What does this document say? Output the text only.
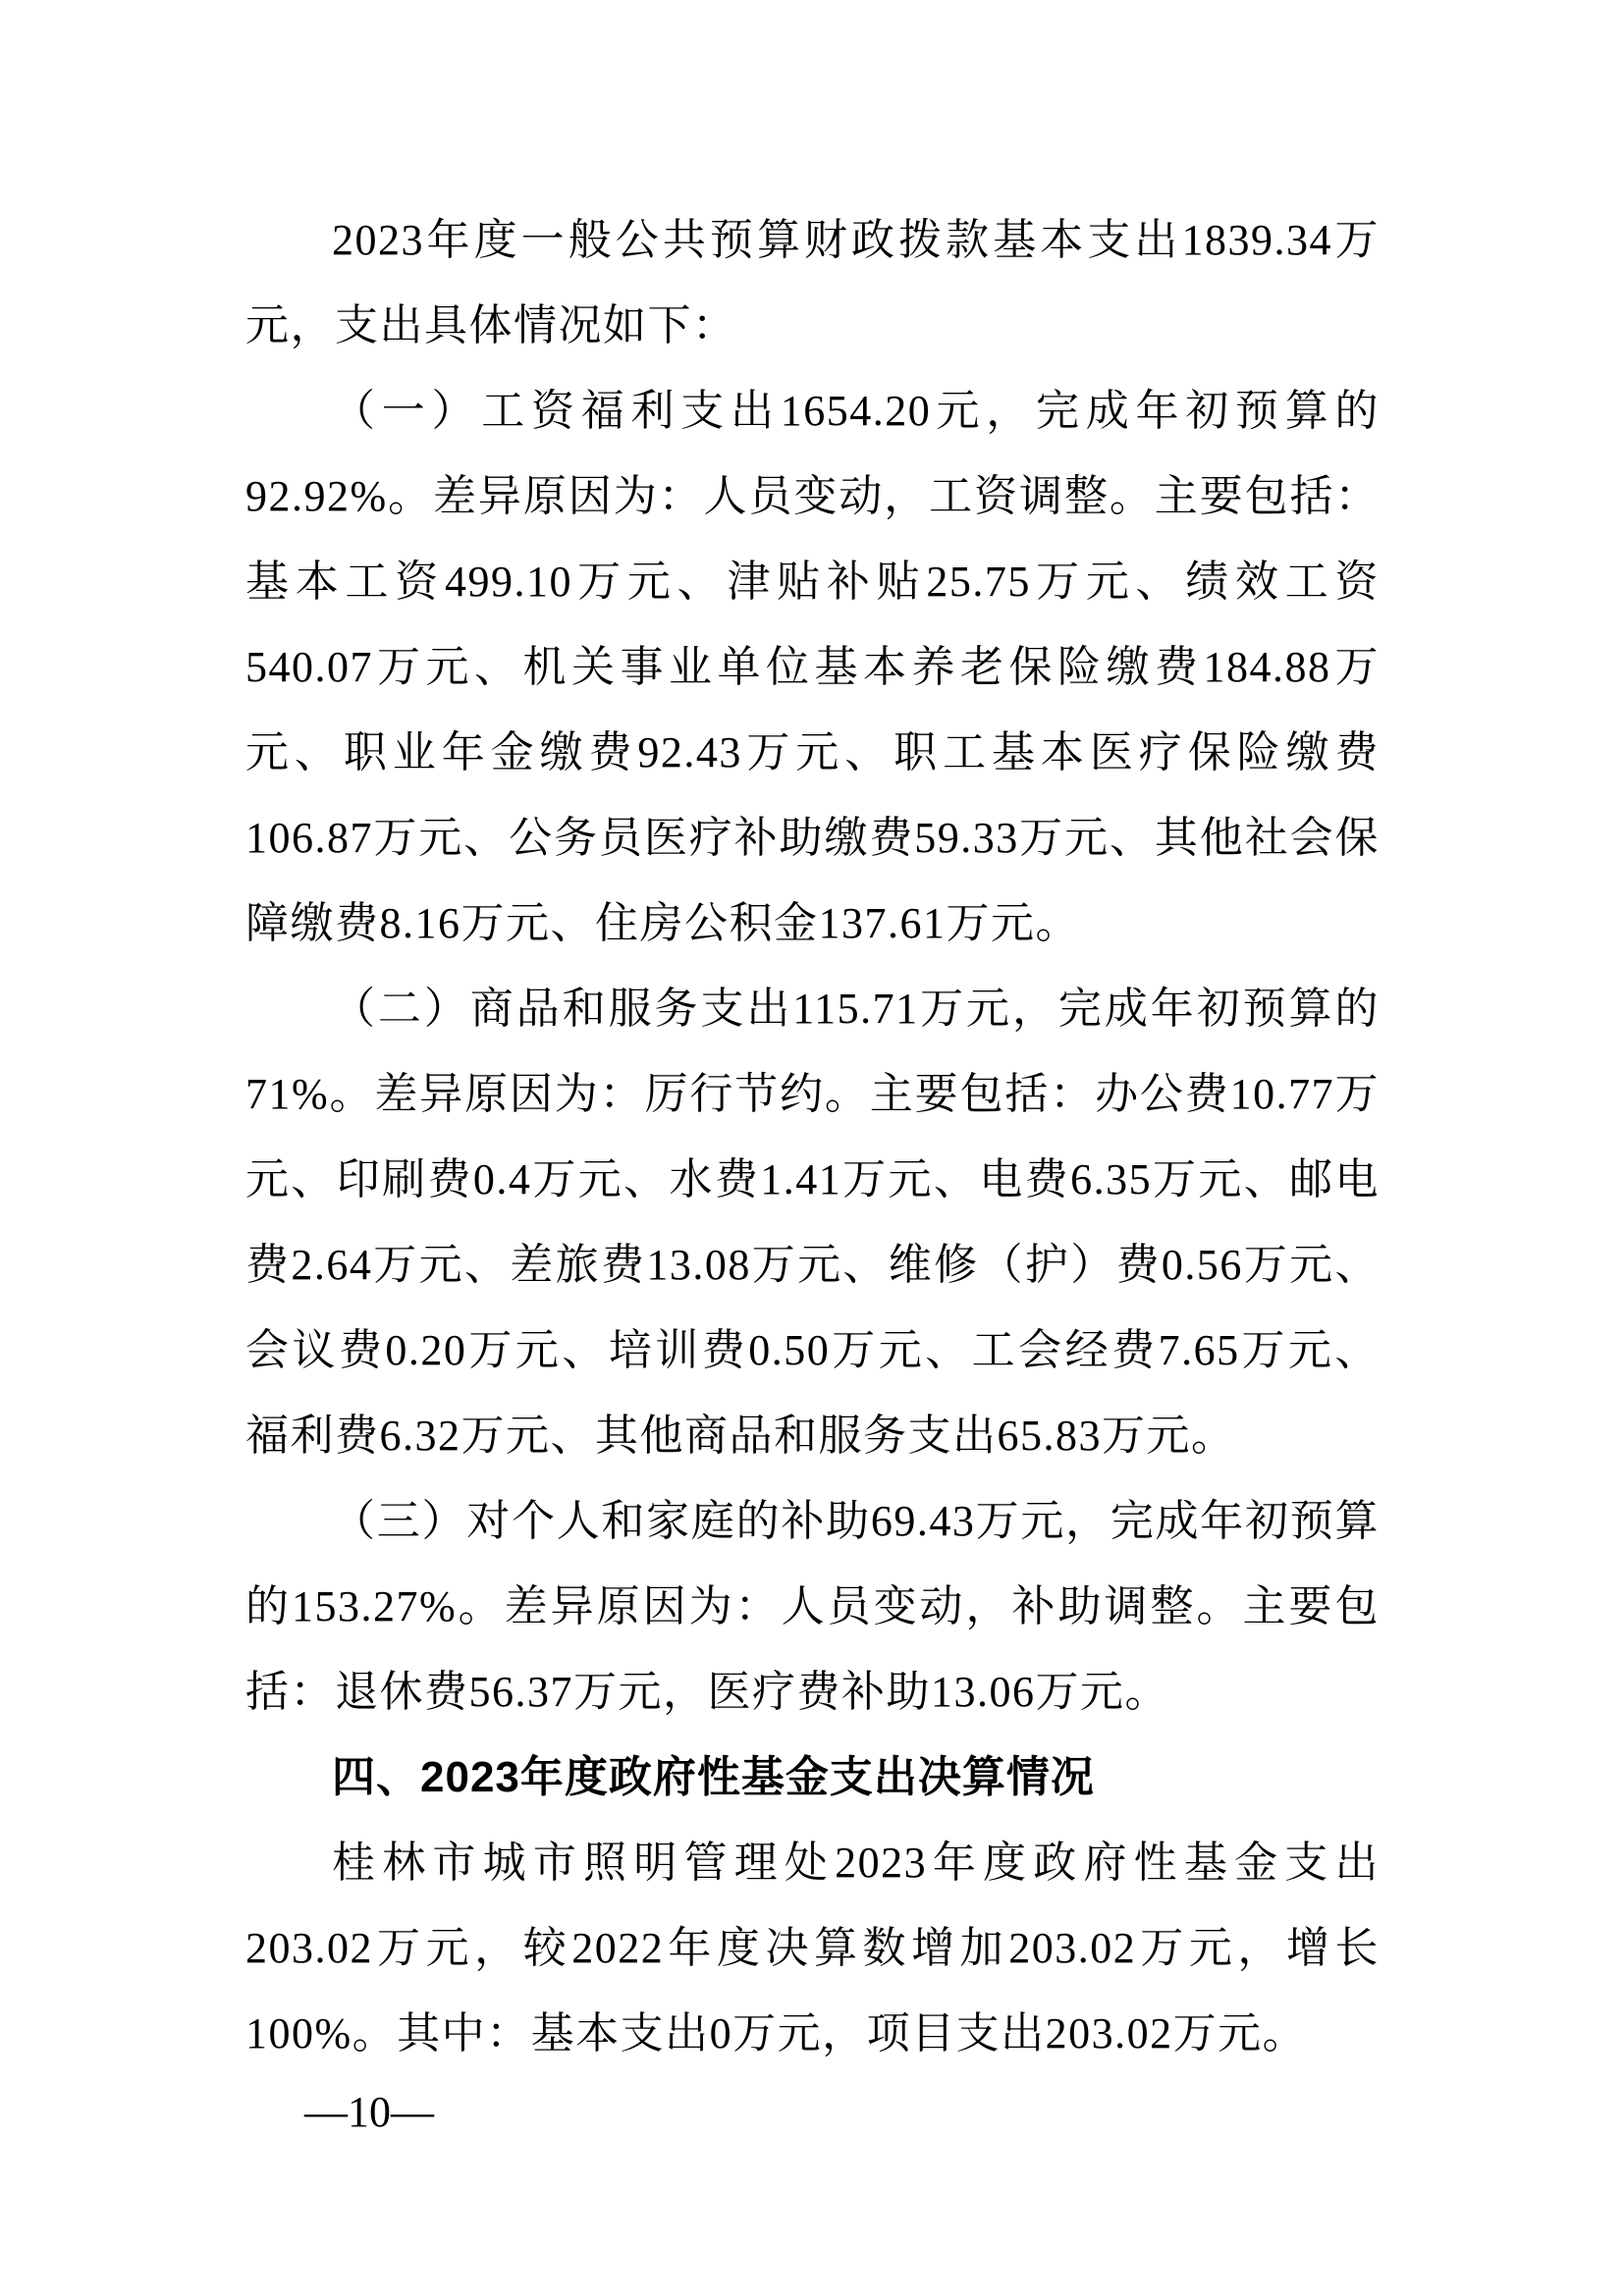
2023年度一般公共预算财政拨款基本支出1839.34万元，支出具体情况如下：

（一）工资福利支出1654.20元，完成年初预算的92.92%。差异原因为：人员变动，工资调整。主要包括：基本工资499.10万元、津贴补贴25.75万元、绩效工资540.07万元、机关事业单位基本养老保险缴费184.88万元、职业年金缴费92.43万元、职工基本医疗保险缴费106.87万元、公务员医疗补助缴费59.33万元、其他社会保障缴费8.16万元、住房公积金137.61万元。

（二）商品和服务支出115.71万元，完成年初预算的71%。差异原因为：厉行节约。主要包括：办公费10.77万元、印刷费0.4万元、水费1.41万元、电费6.35万元、邮电费2.64万元、差旅费13.08万元、维修（护）费0.56万元、会议费0.20万元、培训费0.50万元、工会经费7.65万元、福利费6.32万元、其他商品和服务支出65.83万元。

（三）对个人和家庭的补助69.43万元，完成年初预算的153.27%。差异原因为：人员变动，补助调整。主要包括：退休费56.37万元，医疗费补助13.06万元。

四、2023年度政府性基金支出决算情况

桂林市城市照明管理处2023年度政府性基金支出203.02万元，较2022年度决算数增加203.02万元，增长100%。其中：基本支出0万元，项目支出203.02万元。

—10—
